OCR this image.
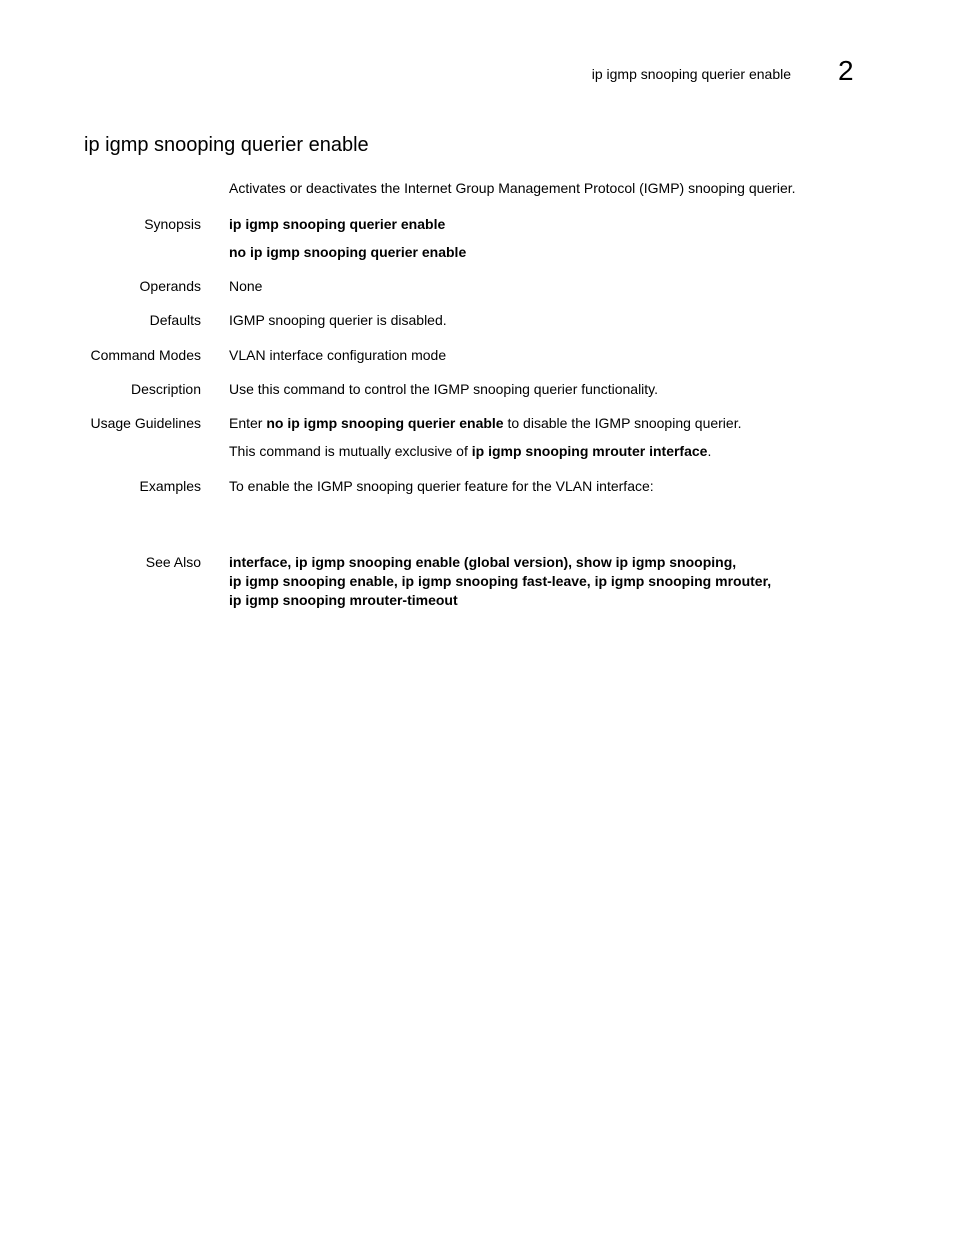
ip igmp snooping querier enable 2
ip igmp snooping querier enable
Activates or deactivates the Internet Group Management Protocol (IGMP) snooping querier.
Synopsis ip igmp snooping querier enable
no ip igmp snooping querier enable
Operands None
Defaults IGMP snooping querier is disabled.
Command Modes VLAN interface configuration mode
Description Use this command to control the IGMP snooping querier functionality.
Usage Guidelines Enter no ip igmp snooping querier enable to disable the IGMP snooping querier.
This command is mutually exclusive of ip igmp snooping mrouter interface.
Examples To enable the IGMP snooping querier feature for the VLAN interface:
See Also interface, ip igmp snooping enable (global version), show ip igmp snooping,
ip igmp snooping enable, ip igmp snooping fast-leave, ip igmp snooping mrouter,
ip igmp snooping mrouter-timeout
